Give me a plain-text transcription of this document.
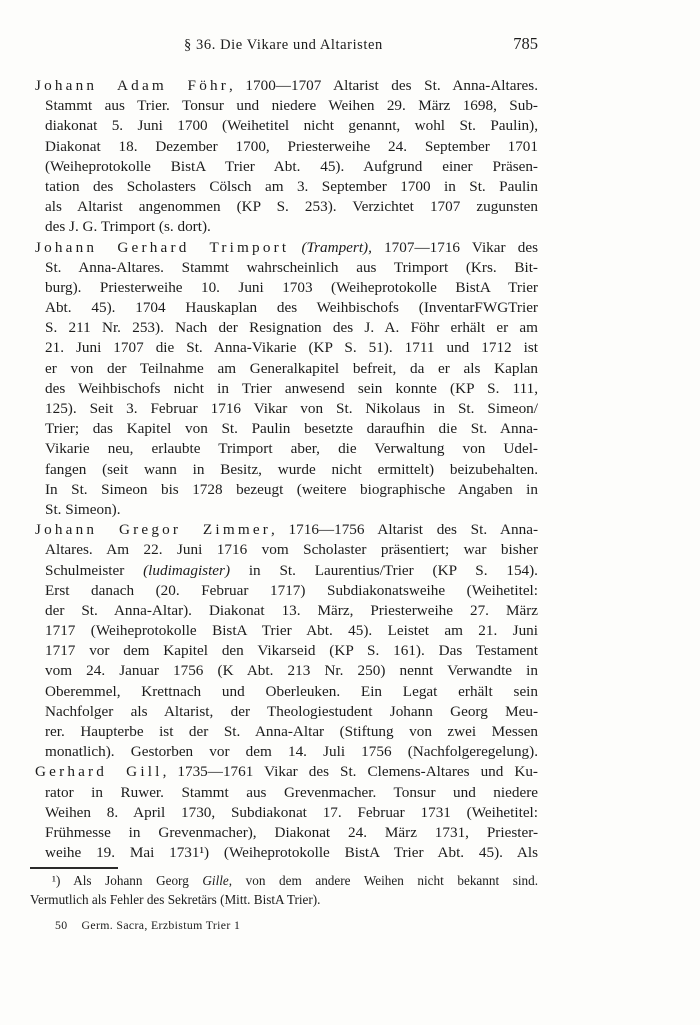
§ 36. Die Vikare und Altaristen	785
Johann Adam Föhr, 1700—1707 Altarist des St. Anna-Altares.
Stammt aus Trier. Tonsur und niedere Weihen 29. März 1698, Sub-
diakonat 5. Juni 1700 (Weihetitel nicht genannt, wohl St. Paulin),
Diakonat 18. Dezember 1700, Priesterweihe 24. September 1701
(Weiheprotokolle BistA Trier Abt. 45). Aufgrund einer Präsen-
tation des Scholasters Cölsch am 3. September 1700 in St. Paulin
als Altarist angenommen (KP S. 253). Verzichtet 1707 zugunsten
des J. G. Trimport (s. dort).
Johann Gerhard Trimport (Trampert), 1707—1716 Vikar des
St. Anna-Altares. Stammt wahrscheinlich aus Trimport (Krs. Bit-
burg). Priesterweihe 10. Juni 1703 (Weiheprotokolle BistA Trier
Abt. 45). 1704 Hauskaplan des Weihbischofs (InventarFWGTrier
S. 211 Nr. 253). Nach der Resignation des J. A. Föhr erhält er am
21. Juni 1707 die St. Anna-Vikarie (KP S. 51). 1711 und 1712 ist
er von der Teilnahme am Generalkapitel befreit, da er als Kaplan
des Weihbischofs nicht in Trier anwesend sein konnte (KP S. 111,
125). Seit 3. Februar 1716 Vikar von St. Nikolaus in St. Simeon/
Trier; das Kapitel von St. Paulin besetzte daraufhin die St. Anna-
Vikarie neu, erlaubte Trimport aber, die Verwaltung von Udel-
fangen (seit wann in Besitz, wurde nicht ermittelt) beizubehalten.
In St. Simeon bis 1728 bezeugt (weitere biographische Angaben in
St. Simeon).
Johann Gregor Zimmer, 1716—1756 Altarist des St. Anna-
Altares. Am 22. Juni 1716 vom Scholaster präsentiert; war bisher
Schulmeister (ludimagister) in St. Laurentius/Trier (KP S. 154).
Erst danach (20. Februar 1717) Subdiakonatsweihe (Weihetitel:
der St. Anna-Altar). Diakonat 13. März, Priesterweihe 27. März
1717 (Weiheprotokolle BistA Trier Abt. 45). Leistet am 21. Juni
1717 vor dem Kapitel den Vikarseid (KP S. 161). Das Testament
vom 24. Januar 1756 (K Abt. 213 Nr. 250) nennt Verwandte in
Oberemmel, Krettnach und Oberleuken. Ein Legat erhält sein
Nachfolger als Altarist, der Theologiestudent Johann Georg Meu-
rer. Haupterbe ist der St. Anna-Altar (Stiftung von zwei Messen
monatlich). Gestorben vor dem 14. Juli 1756 (Nachfolgeregelung).
Gerhard Gill, 1735—1761 Vikar des St. Clemens-Altares und Ku-
rator in Ruwer. Stammt aus Grevenmacher. Tonsur und niedere
Weihen 8. April 1730, Subdiakonat 17. Februar 1731 (Weihetitel:
Frühmesse in Grevenmacher), Diakonat 24. März 1731, Priester-
weihe 19. Mai 1731¹) (Weiheprotokolle BistA Trier Abt. 45). Als
¹) Als Johann Georg Gille, von dem andere Weihen nicht bekannt sind.
Vermutlich als Fehler des Sekretärs (Mitt. BistA Trier).
50 Germ. Sacra, Erzbistum Trier 1
